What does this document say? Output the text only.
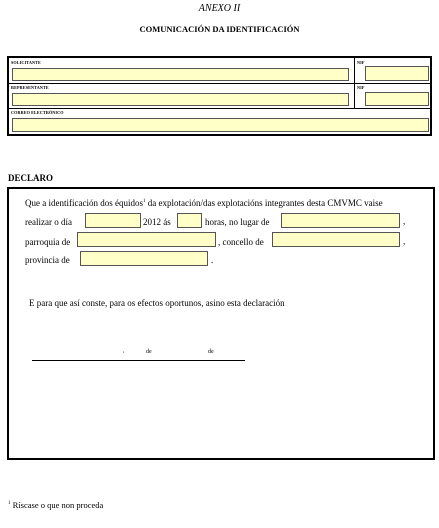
ANEXO II
COMUNICACIÓN DA IDENTIFICACIÓN
SOLICITANTE	NIF
REPRESENTANTE	NIF
CORREO ELECTRÓNICO
DECLARO
Que a identificación dos équidos$^1$ da explotación/das explotacións integrantes desta CMVMC vaise
realizar o día	2012 ás	horas, no lugar de	,
parroquia de	, concello de	,
provincia de	.
E para que así conste, para os efectos oportunos, asino esta declaración
,	de	de
$^1$ Ríscase o que non proceda
